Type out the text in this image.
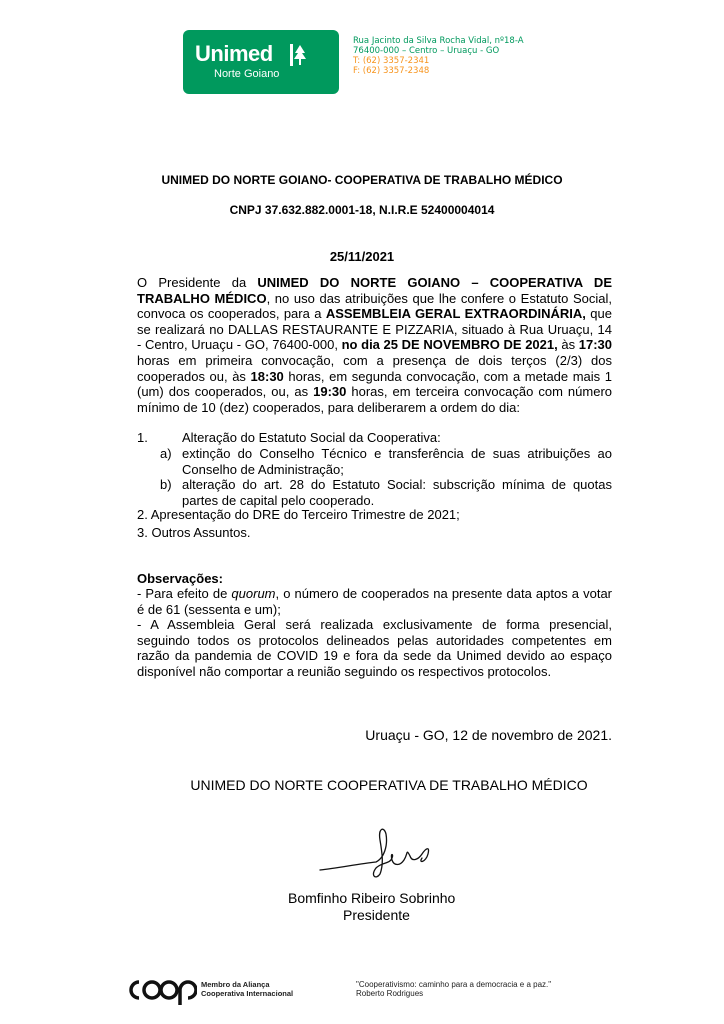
Unimed
Norte Goiano
Rua Jacinto da Silva Rocha Vidal, nº18-A
76400-000 – Centro – Uruaçu - GO
T: (62) 3357-2341
F: (62) 3357-2348
UNIMED DO NORTE GOIANO- COOPERATIVA DE TRABALHO MÉDICO
CNPJ 37.632.882.0001-18, N.I.R.E 52400004014
25/11/2021
O Presidente da UNIMED DO NORTE GOIANO – COOPERATIVA DE TRABALHO MÉDICO, no uso das atribuições que lhe confere o Estatuto Social, convoca os cooperados, para a ASSEMBLEIA GERAL EXTRAORDINÁRIA, que se realizará no DALLAS RESTAURANTE E PIZZARIA, situado à Rua Uruaçu, 14 - Centro, Uruaçu - GO, 76400-000, no dia 25 DE NOVEMBRO DE 2021, às 17:30 horas em primeira convocação, com a presença de dois terços (2/3) dos cooperados ou, às 18:30 horas, em segunda convocação, com a metade mais 1 (um) dos cooperados, ou, as 19:30 horas, em terceira convocação com número mínimo de 10 (dez) cooperados, para deliberarem a ordem do dia:
1.	Alteração do Estatuto Social da Cooperativa:
a) extinção do Conselho Técnico e transferência de suas atribuições ao Conselho de Administração;
b) alteração do art. 28 do Estatuto Social: subscrição mínima de quotas partes de capital pelo cooperado.
2. Apresentação do DRE do Terceiro Trimestre de 2021;
3. Outros Assuntos.
Observações:
- Para efeito de quorum, o número de cooperados na presente data aptos a votar é de 61 (sessenta e um);
- A Assembleia Geral será realizada exclusivamente de forma presencial, seguindo todos os protocolos delineados pelas autoridades competentes em razão da pandemia de COVID 19 e fora da sede da Unimed devido ao espaço disponível não comportar a reunião seguindo os respectivos protocolos.
Uruaçu - GO, 12 de novembro de 2021.
UNIMED DO NORTE COOPERATIVA DE TRABALHO MÉDICO
Bomfinho Ribeiro Sobrinho
Presidente
Membro da Aliança
Cooperativa Internacional
"Cooperativismo: caminho para a democracia e a paz."
Roberto Rodrigues
